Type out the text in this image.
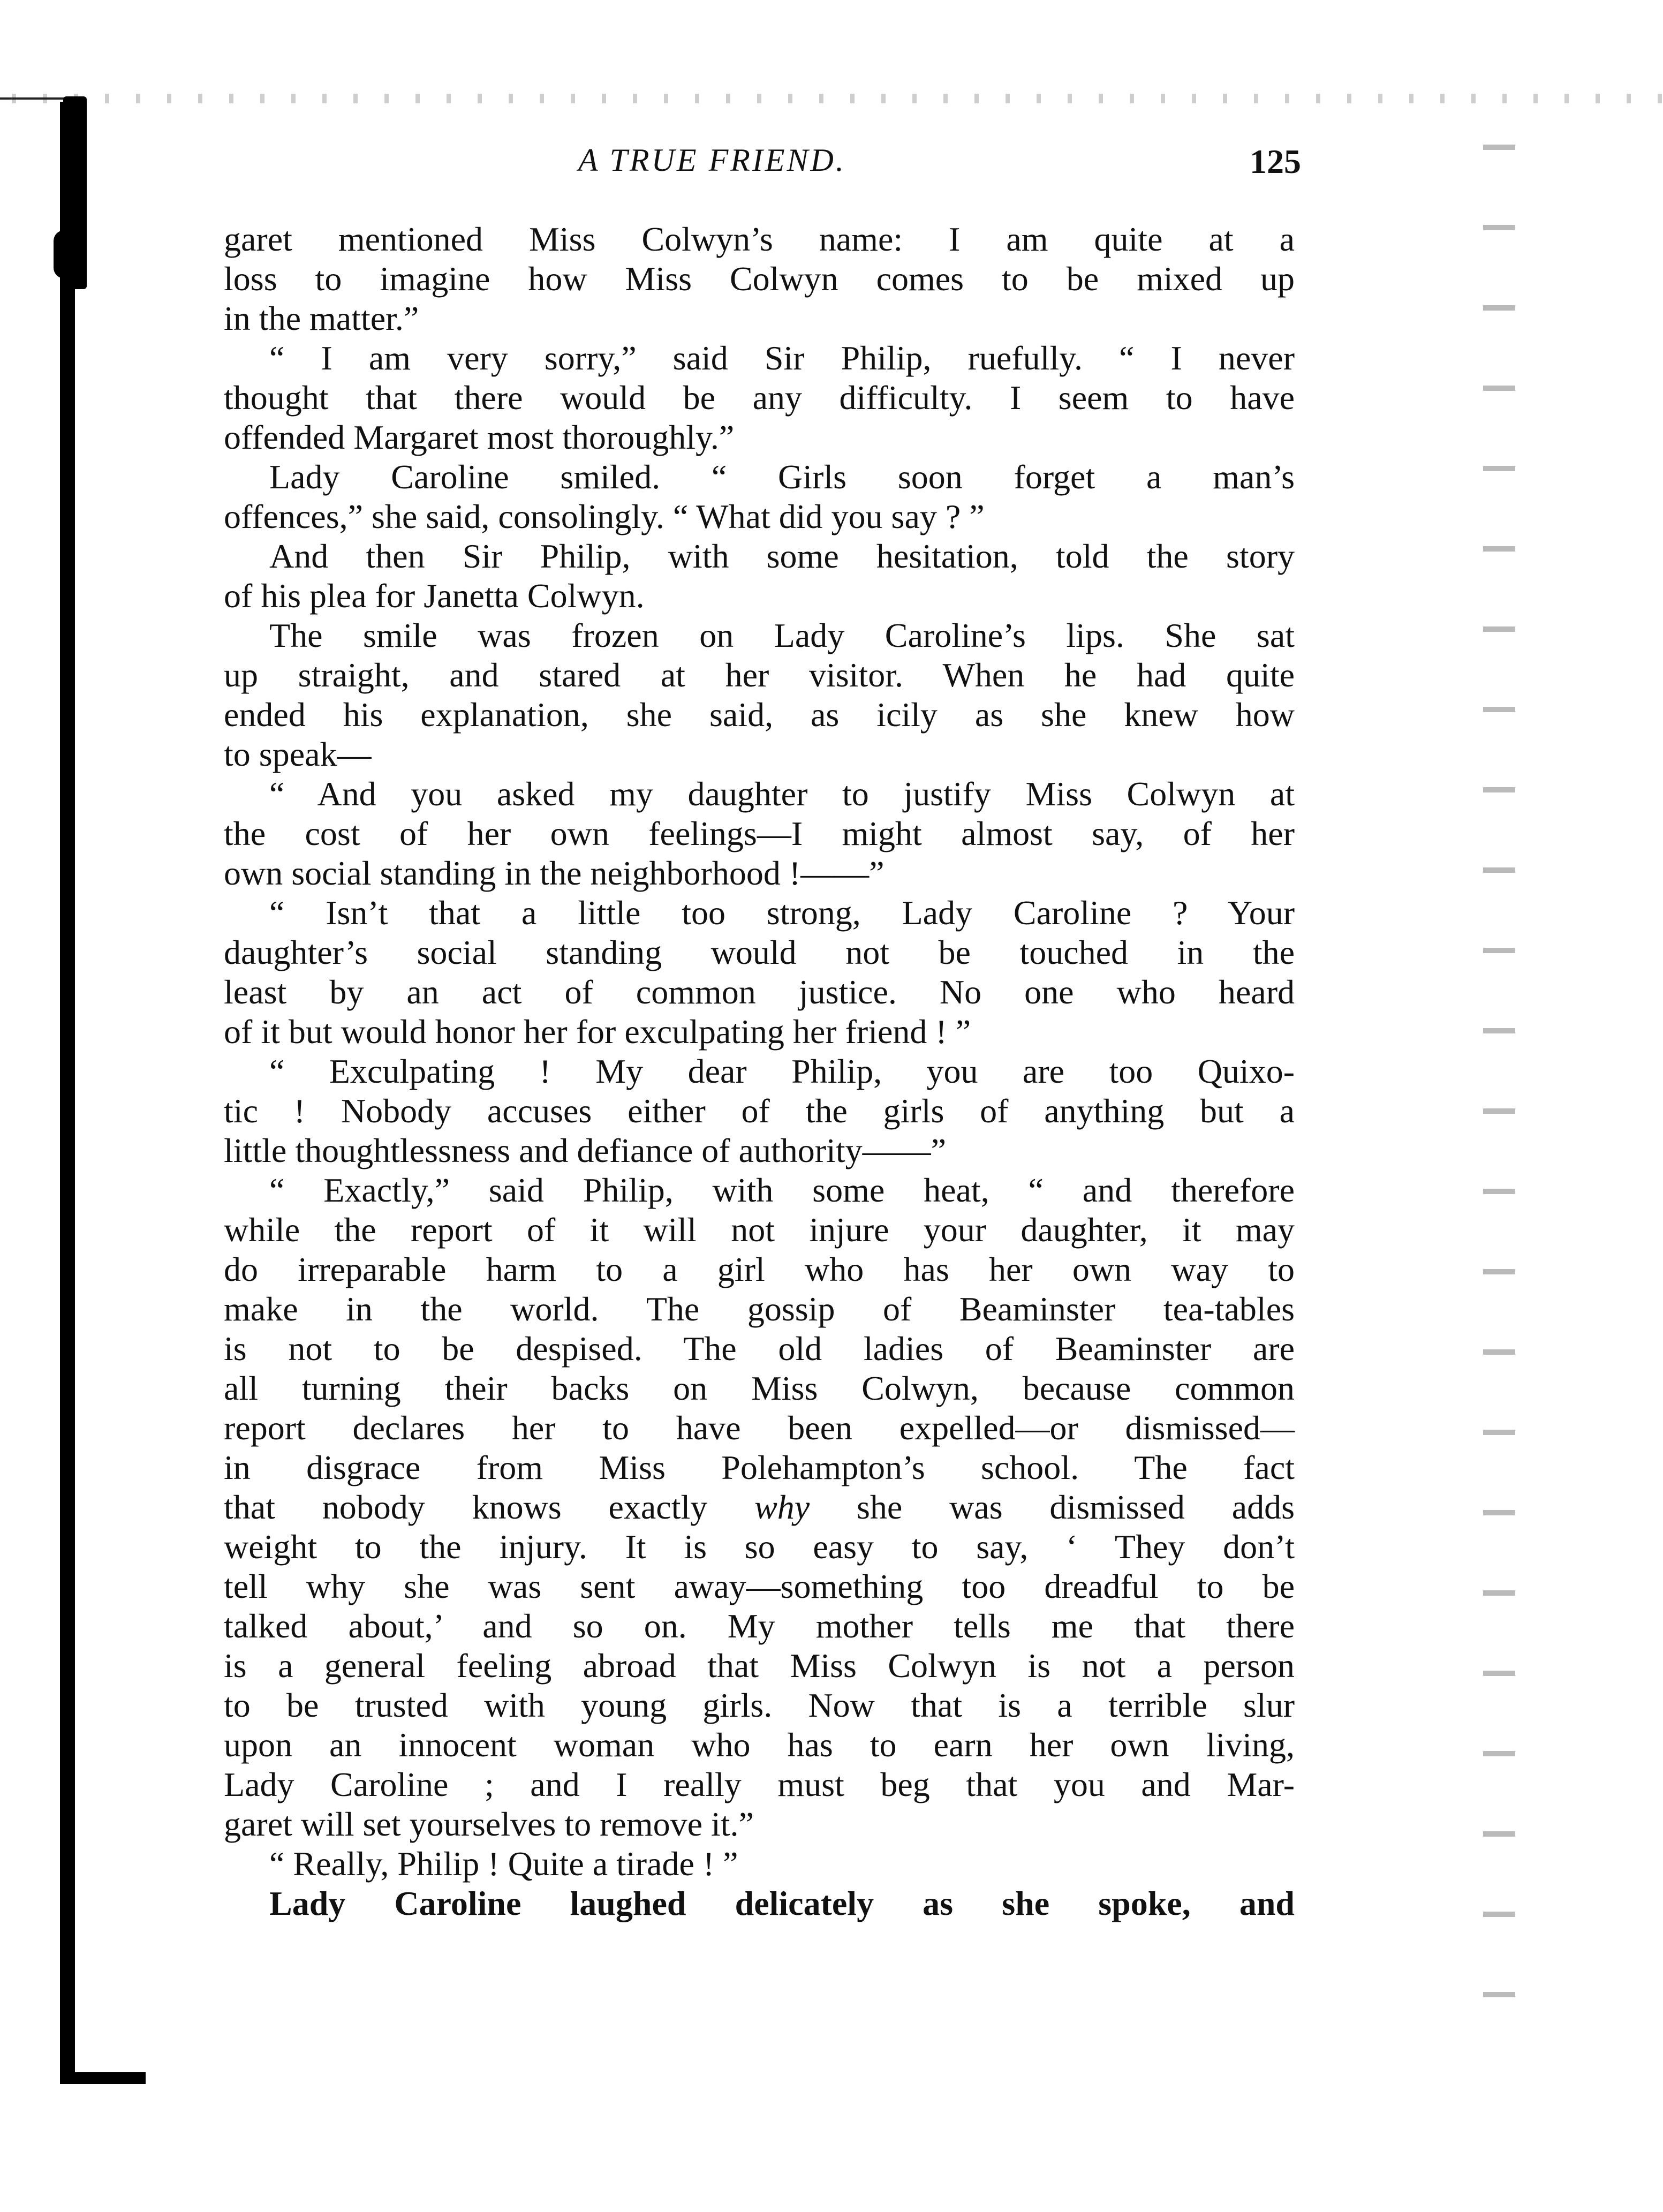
A TRUE FRIEND.	125
garet mentioned Miss Colwyn’s name: I am quite at a
loss to imagine how Miss Colwyn comes to be mixed up
in the matter.”
“ I am very sorry,” said Sir Philip, ruefully. “ I never
thought that there would be any difficulty. I seem to have
offended Margaret most thoroughly.”
Lady Caroline smiled. “ Girls soon forget a man’s
offences,” she said, consolingly. “ What did you say ? ”
And then Sir Philip, with some hesitation, told the story
of his plea for Janetta Colwyn.
The smile was frozen on Lady Caroline’s lips. She sat
up straight, and stared at her visitor. When he had quite
ended his explanation, she said, as icily as she knew how
to speak—
“ And you asked my daughter to justify Miss Colwyn at
the cost of her own feelings—I might almost say, of her
own social standing in the neighborhood !——”
“ Isn’t that a little too strong, Lady Caroline ? Your
daughter’s social standing would not be touched in the
least by an act of common justice. No one who heard
of it but would honor her for exculpating her friend ! ”
“ Exculpating ! My dear Philip, you are too Quixo-
tic ! Nobody accuses either of the girls of anything but a
little thoughtlessness and defiance of authority——”
“ Exactly,” said Philip, with some heat, “ and therefore
while the report of it will not injure your daughter, it may
do irreparable harm to a girl who has her own way to
make in the world. The gossip of Beaminster tea-tables
is not to be despised. The old ladies of Beaminster are
all turning their backs on Miss Colwyn, because common
report declares her to have been expelled—or dismissed—
in disgrace from Miss Polehampton’s school. The fact
that nobody knows exactly why she was dismissed adds
weight to the injury. It is so easy to say, ‘ They don’t
tell why she was sent away—something too dreadful to be
talked about,’ and so on. My mother tells me that there
is a general feeling abroad that Miss Colwyn is not a person
to be trusted with young girls. Now that is a terrible slur
upon an innocent woman who has to earn her own living,
Lady Caroline ; and I really must beg that you and Mar-
garet will set yourselves to remove it.”
“ Really, Philip ! Quite a tirade ! ”
Lady Caroline laughed delicately as she spoke, and
